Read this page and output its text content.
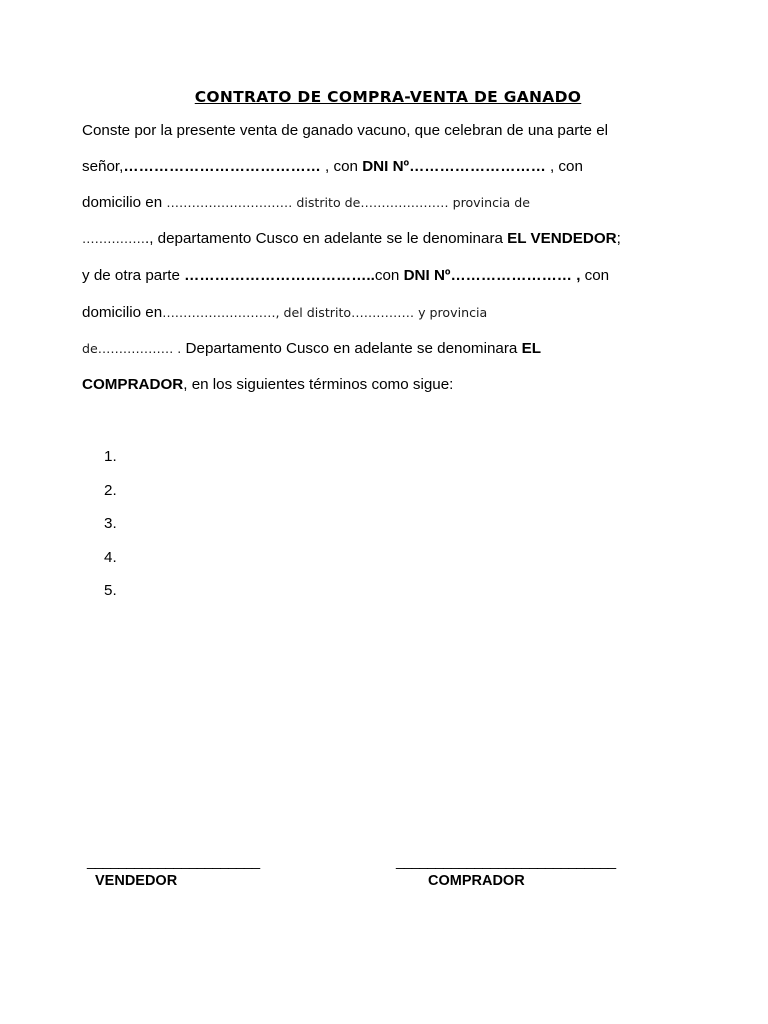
CONTRATO DE COMPRA-VENTA DE GANADO
Conste por la presente venta de ganado vacuno, que celebran de una parte el
señor,………………………………… , con DNI Nº……………………… , con
domicilio en ………………………… distrito de………………… provincia de
……………., departamento Cusco en adelante se le denominara EL VENDEDOR;
y de otra parte ………………………………..con DNI Nº…………………… , con
domicilio en………………………, del distrito…………… y provincia
de……………… . Departamento Cusco en adelante se denominara EL
COMPRADOR, en los siguientes términos como sigue:
1.
2.
3.
4.
5.
______________________
VENDEDOR
____________________________
COMPRADOR
